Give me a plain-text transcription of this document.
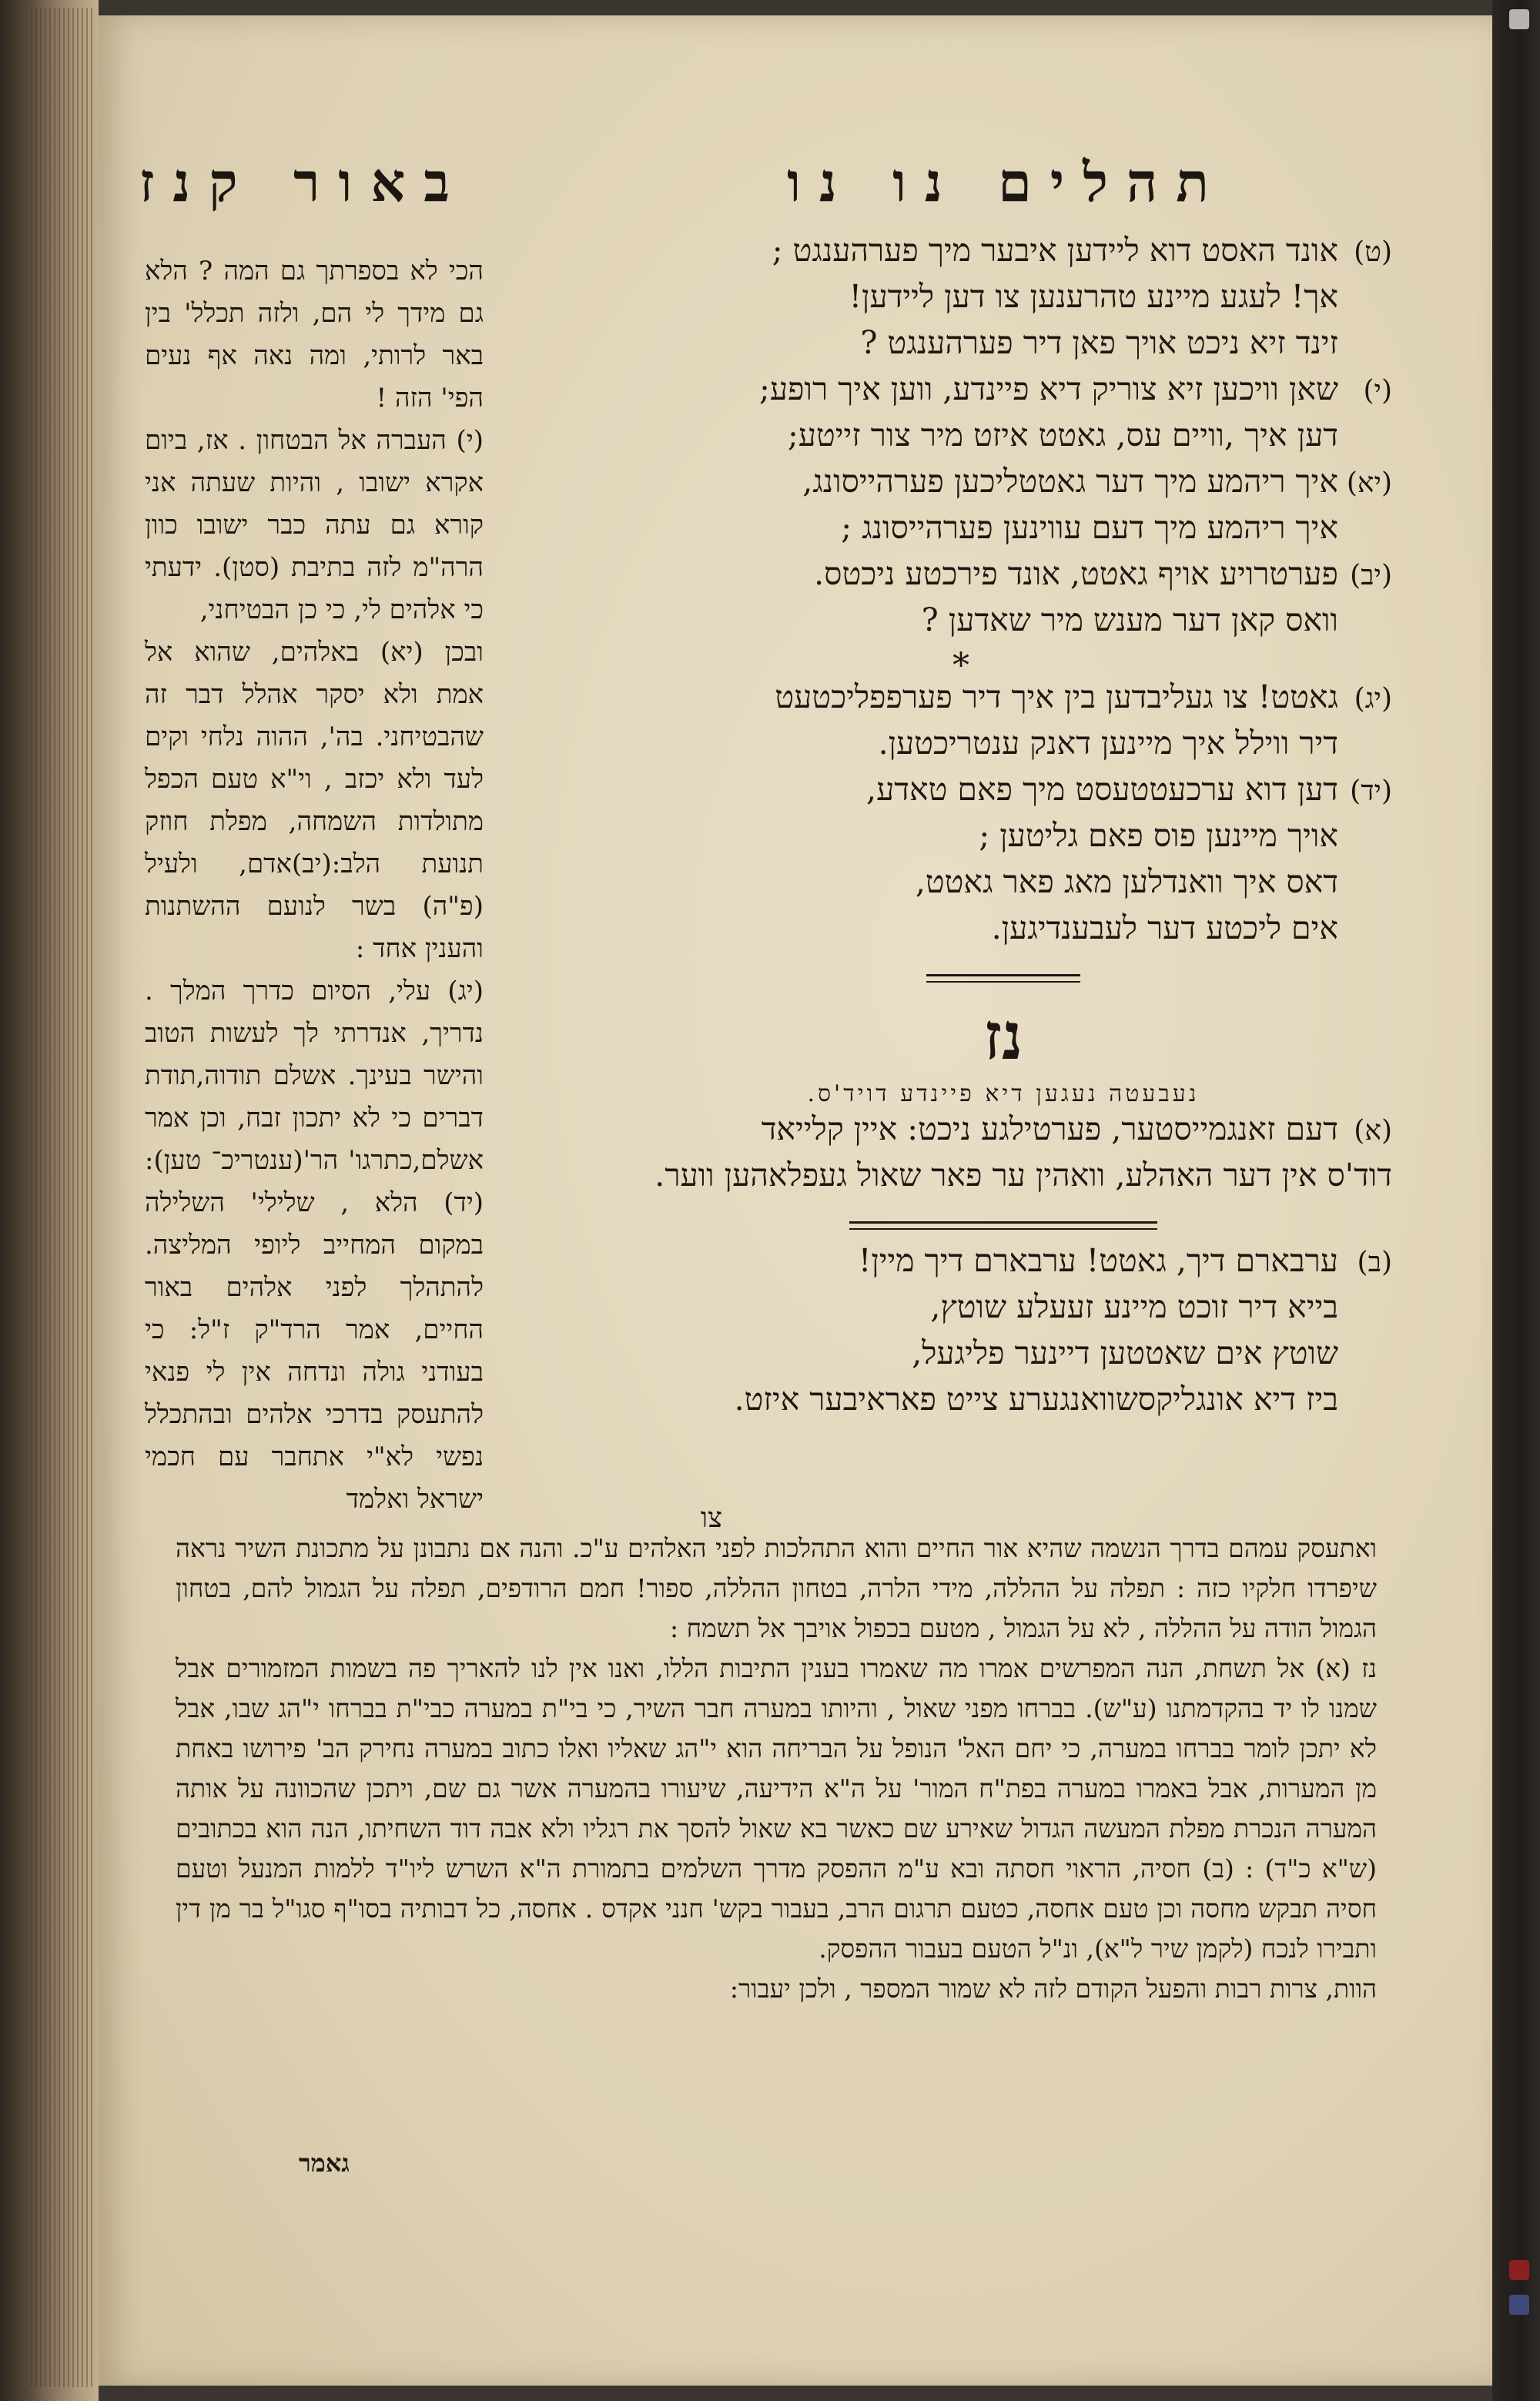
תהלים נו נו
באור קנז
(ט)אונד האסט דוא ליידען איבער מיך פערהענגט ;
אך! לעגע מיינע טהרענען צו דען ליידען!
זינד זיא ניכט אויך פאן דיר פערהענגט ?
(י)שאן וויכען זיא צוריק דיא פיינדע, ווען איך רופע;
דען איך ,וויים עס, גאטט איזט מיר צור זייטע;
(יא)איך ריהמע מיך דער גאטטליכען פערהייסונג,
איך ריהמע מיך דעם עווינען פערהייסונג ;
(יב)פערטרויע אויף גאטט, אונד פירכטע ניכטס.
וואס קאן דער מענש מיר שאדען ?
*
(יג)גאטט! צו געליבדען בין איך דיר פערפפליכטעט
דיר ווילל איך מיינען דאנק ענטריכטען.
(יד)דען דוא ערכעטטעסט מיך פאם טאדע,
אויך מיינען פוס פאם גליטען ;
דאס איך וואנדלען מאג פאר גאטט,
אים ליכטע דער לעבענדיגען.
נז
נעבעטה נעגען דיא פיינדע דויד'ס.
(א)דעם זאנגמייסטער, פערטילגע ניכט: איין קלייאד
דוד'ס אין דער האהלע, וואהין ער פאר שאול געפלאהען ווער.
(ב)ערבארם דיך, גאטט! ערבארם דיך מיין!
בייא דיר זוכט מיינע זעעלע שוטץ,
שוטץ אים שאטטען דיינער פליגעל,
ביז דיא אונגליקסשוואנגערע צייט פאראיבער איזט.

הכי לא בספרתך גם המה ? הלא גם מידך לי הם, ולזה תכלל' בין באר לרותי, ומה נאה אף נעים הפי' הזה !

(י) העברה אל הבטחון . אז, ביום אקרא ישובו , והיות שעתה אני קורא גם עתה כבר ישובו כוון הרה"מ לזה בתיבת (סטן). ידעתי כי אלהים לי, כי כן הבטיחני,

ובכן (יא) באלהים, שהוא אל אמת ולא יסקר אהלל דבר זה שהבטיחני. בה', ההוה נלחי וקים לעד ולא יכזב , וי"א טעם הכפל מתולדות השמחה, מפלת חוזק תנועת הלב:(יב)אדם, ולעיל (פ"ה) בשר לנועם ההשתנות והענין אחד :

(יג) עלי, הסיום כדרך המלך . נדריך, אנדרתי לך לעשות הטוב והישר בעינך. אשלם תודוה,תודת דברים כי לא יתכון זבח, וכן אמר אשלם,כתרגו' הר'(ענטריכ־ טען): (יד) הלא , שלילי' השלילה במקום המחייב ליופי המליצה. להתהלך לפני אלהים באור החיים, אמר הרד"ק ז"ל: כי בעודני גולה ונדחה אין לי פנאי להתעסק בדרכי אלהים ובהתכלל נפשי לא"י אתחבר עם חכמי ישראל ואלמד

צו

ואתעסק עמהם בדרך הנשמה שהיא אור החיים והוא התהלכות לפני האלהים ע"כ. והנה אם נתבונן על מתכונת השיר נראה שיפרדו חלקיו כזה : תפלה על ההללה, מידי הלרה, בטחון ההללה, ספור! חמם הרודפים, תפלה על הגמול להם, בטחון הגמול הודה על ההללה , לא על הגמול , מטעם בכפול אויבך אל תשמח :

נז (א) אל תשחת, הנה המפרשים אמרו מה שאמרו בענין התיבות הללו, ואנו אין לנו להאריך פה בשמות המזמורים אבל שמנו לו יד בהקדמתנו (ע"ש). בברחו מפני שאול , והיותו במערה חבר השיר, כי בי"ת במערה כבי"ת בברחו י"הג שבו, אבל לא יתכן לומר בברחו במערה, כי יחם האל' הנופל על הבריחה הוא י"הג שאליו ואלו כתוב במערה נחירק הב' פירושו באחת מן המערות, אבל באמרו במערה בפת"ח המור' על ה"א הידיעה, שיעורו בהמערה אשר גם שם, ויתכן שהכוונה על אותה המערה הנכרת מפלת המעשה הגדול שאירע שם כאשר בא שאול להסך את רגליו ולא אבה דוד השחיתו, הנה הוא בכתובים (ש"א כ"ד) : (ב) חסיה, הראוי חסתה ובא ע"מ ההפסק מדרך השלמים בתמורת ה"א השרש ליו"ד ללמות המנעל וטעם חסיה תבקש מחסה וכן טעם אחסה, כטעם תרגום הרב, בעבור בקש' חנני אקדס . אחסה, כל דבותיה בסו"ף סגו"ל בר מן דין ותבירו לנכח (לקמן שיר ל"א), ונ"ל הטעם בעבור ההפסק.

הוות, צרות רבות והפעל הקודם לזה לא שמור המספר , ולכן יעבור:

גאמר
